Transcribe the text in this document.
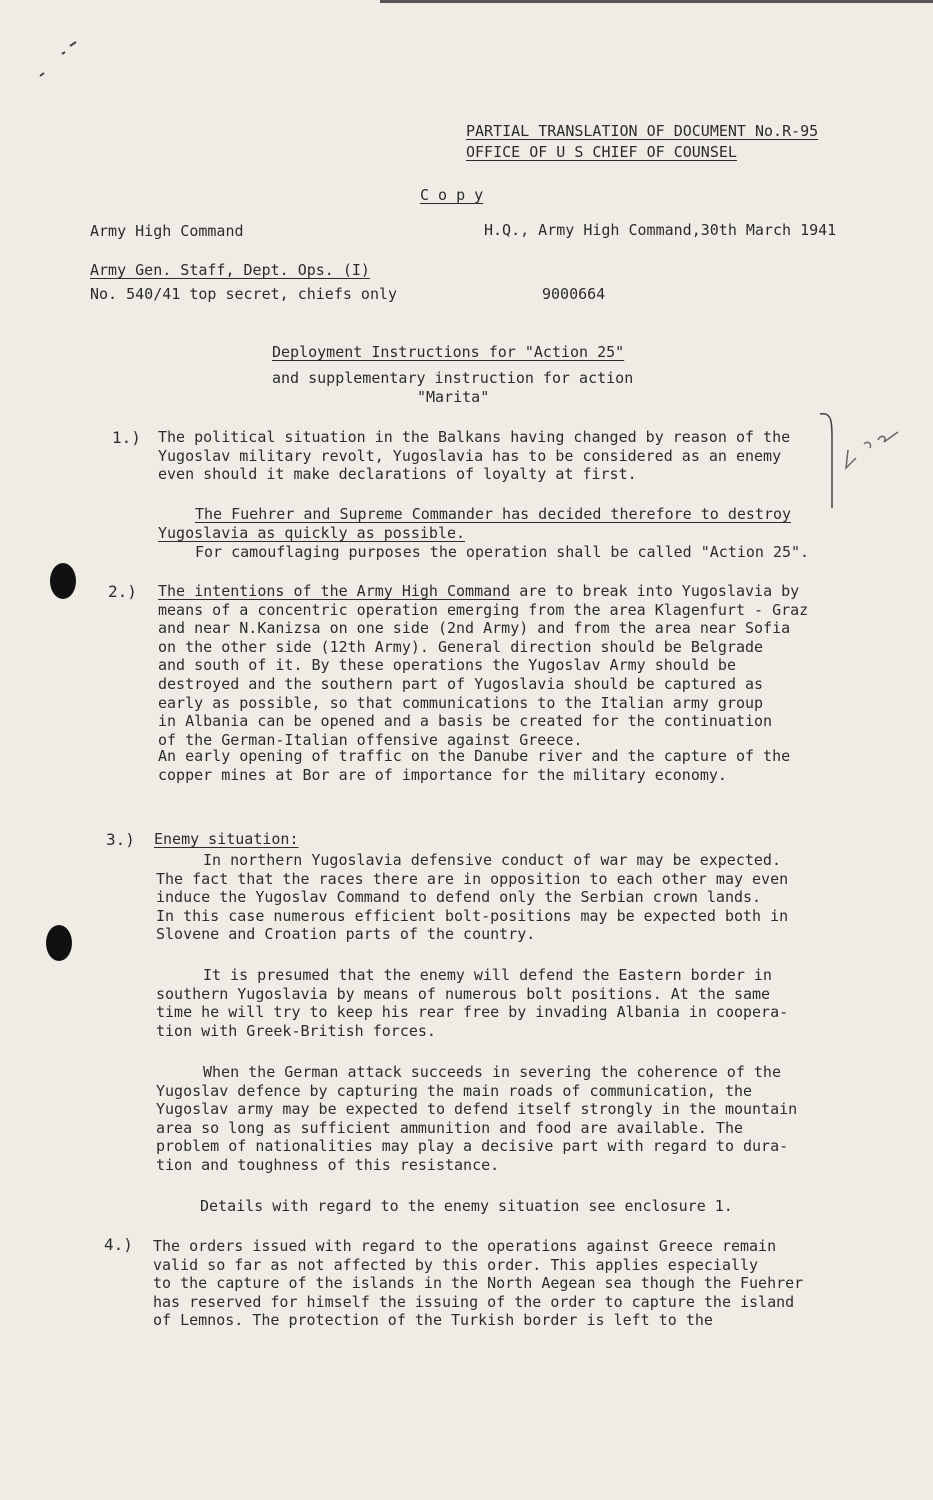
PARTIAL TRANSLATION OF DOCUMENT No.R-95
OFFICE OF U S CHIEF OF COUNSEL
C o p y
Army High Command	H.Q., Army High Command,30th March 1941
Army Gen. Staff, Dept. Ops. (I)
No. 540/41 top secret, chiefs only	9000664
Deployment Instructions for "Action 25"
and supplementary instruction for action
"Marita"
1.) The political situation in the Balkans having changed by reason of the
Yugoslav military revolt, Yugoslavia has to be considered as an enemy
even should it make declarations of loyalty at first.
The Fuehrer and Supreme Commander has decided therefore to destroy
Yugoslavia as quickly as possible.
For camouflaging purposes the operation shall be called "Action 25".
2.) The intentions of the Army High Command are to break into Yugoslavia by
means of a concentric operation emerging from the area Klagenfurt - Graz
and near N.Kanizsa on one side (2nd Army) and from the area near Sofia
on the other side (12th Army). General direction should be Belgrade
and south of it. By these operations the Yugoslav Army should be
destroyed and the southern part of Yugoslavia should be captured as
early as possible, so that communications to the Italian army group
in Albania can be opened and a basis be created for the continuation
of the German-Italian offensive against Greece.
An early opening of traffic on the Danube river and the capture of the
copper mines at Bor are of importance for the military economy.
3.) Enemy situation:
In northern Yugoslavia defensive conduct of war may be expected.
The fact that the races there are in opposition to each other may even
induce the Yugoslav Command to defend only the Serbian crown lands.
In this case numerous efficient bolt-positions may be expected both in
Slovene and Croation parts of the country.
It is presumed that the enemy will defend the Eastern border in
southern Yugoslavia by means of numerous bolt positions. At the same
time he will try to keep his rear free by invading Albania in coopera-
tion with Greek-British forces.
When the German attack succeeds in severing the coherence of the
Yugoslav defence by capturing the main roads of communication, the
Yugoslav army may be expected to defend itself strongly in the mountain
area so long as sufficient ammunition and food are available. The
problem of nationalities may play a decisive part with regard to dura-
tion and toughness of this resistance.
Details with regard to the enemy situation see enclosure 1.
4.) The orders issued with regard to the operations against Greece remain
valid so far as not affected by this order. This applies especially
to the capture of the islands in the North Aegean sea though the Fuehrer
has reserved for himself the issuing of the order to capture the island
of Lemnos. The protection of the Turkish border is left to the
